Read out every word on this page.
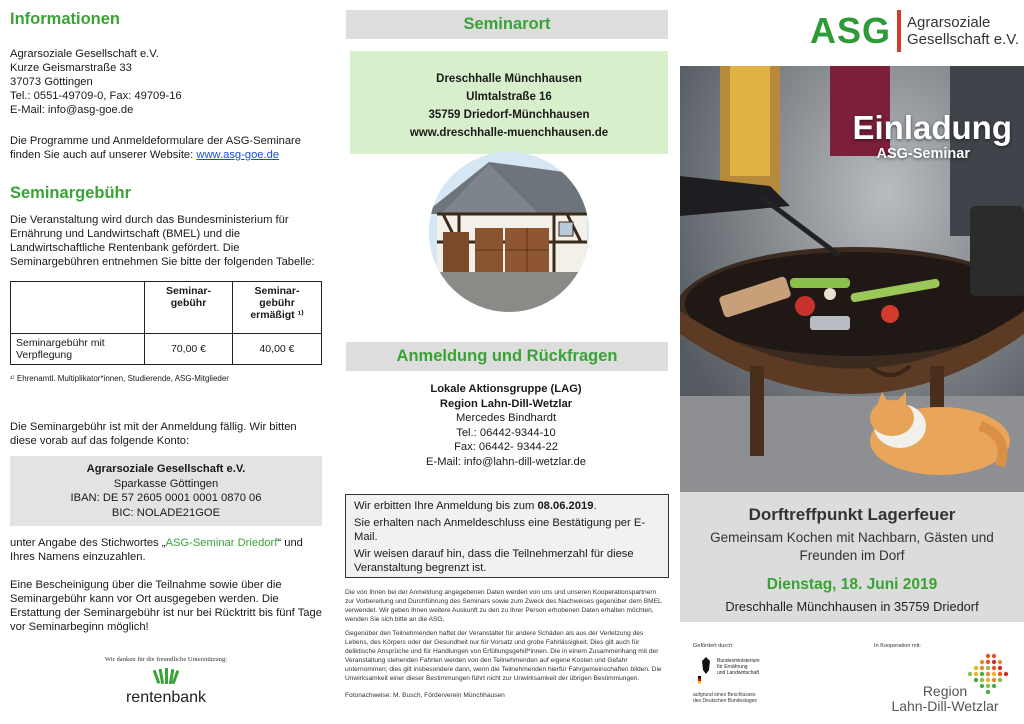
Informationen
Agrarsoziale Gesellschaft e.V.
Kurze Geismarstraße 33
37073 Göttingen
Tel.: 0551-49709-0, Fax: 49709-16
E-Mail: info@asg-goe.de
Die Programme und Anmeldeformulare der ASG-Seminare finden Sie auch auf unserer Website: www.asg-goe.de
Seminargebühr
Die Veranstaltung wird durch das Bundesministerium für Ernährung und Landwirtschaft (BMEL) und die Landwirtschaftliche Rentenbank gefördert. Die Seminargebühren entnehmen Sie bitte der folgenden Tabelle:
	Seminar-gebühr	Seminar-gebühr ermäßigt ¹⁾
Seminargebühr mit Verpflegung	70,00 €	40,00 €
¹⁾ Ehrenamtl. Multiplikator*innen, Studierende, ASG-Mitglieder
Die Seminargebühr ist mit der Anmeldung fällig. Wir bitten diese vorab auf das folgende Konto:
Agrarsoziale Gesellschaft e.V.
Sparkasse Göttingen
IBAN: DE 57 2605 0001 0001 0870 06
BIC: NOLADE21GOE
unter Angabe des Stichwortes „ASG-Seminar Driedorf“ und Ihres Namens einzuzahlen.
Eine Bescheinigung über die Teilnahme sowie über die Seminargebühr kann vor Ort ausgegeben werden. Die Erstattung der Seminargebühr ist nur bei Rücktritt bis fünf Tage vor Seminarbeginn möglich!
Wir danken für die freundliche Unterstützung:
rentenbank
Seminarort
Dreschhalle Münchhausen
Ulmtalstraße 16
35759 Driedorf-Münchhausen
www.dreschhalle-muenchhausen.de
Anmeldung und Rückfragen
Lokale Aktionsgruppe (LAG)
Region Lahn-Dill-Wetzlar
Mercedes Bindhardt
Tel.: 06442-9344-10
Fax: 06442- 9344-22
E-Mail: info@lahn-dill-wetzlar.de
Wir erbitten Ihre Anmeldung bis zum 08.06.2019.
Sie erhalten nach Anmeldeschluss eine Bestätigung per E-Mail.
Wir weisen darauf hin, dass die Teilnehmerzahl für diese Veranstaltung begrenzt ist.
Die von Ihnen bei der Anmeldung angegebenen Daten werden von uns und unseren Kooperationspartnern zur Vorbereitung und Durchführung des Seminars sowie zum Zweck des Nachweises gegenüber dem BMEL verwendet. Wir geben Ihnen weitere Auskunft zu den zu Ihrer Person erhobenen Daten erhalten möchten, wenden Sie sich bitte an die ASG.
Gegenüber den Teilnehmenden haftet der Veranstalter für andere Schäden als aus der Verletzung des Lebens, des Körpers oder der Gesundheit nur für Vorsatz und grobe Fahrlässigkeit. Dies gilt auch für deliktische Ansprüche und für Handlungen von Erfüllungsgehilf*innen. Die in einem Zusammenhang mit der Veranstaltung stehenden Fahrten werden von den Teilnehmenden auf eigene Kosten und Gefahr unternommen; dies gilt insbesondere dann, wenn die Teilnehmenden hierfür Fahrgemeinschaften bilden. Die Unwirksamkeit einer dieser Bestimmungen führt nicht zur Unwirksamkeit der übrigen Bestimmungen.
Fotonachweise: M. Busch, Förderverein Münchhausen
ASG Agrarsoziale
Gesellschaft e.V.
Einladung
ASG-Seminar
Dorftreffpunkt Lagerfeuer
Gemeinsam Kochen mit Nachbarn, Gästen und Freunden im Dorf
Dienstag, 18. Juni 2019
Dreschhalle Münchhausen in 35759 Driedorf
Gefördert durch:
Bundesministerium
für Ernährung
und Landwirtschaft
aufgrund eines Beschlusses des Deutschen Bundestages
In Kooperation mit:
Region
Lahn-Dill-Wetzlar
